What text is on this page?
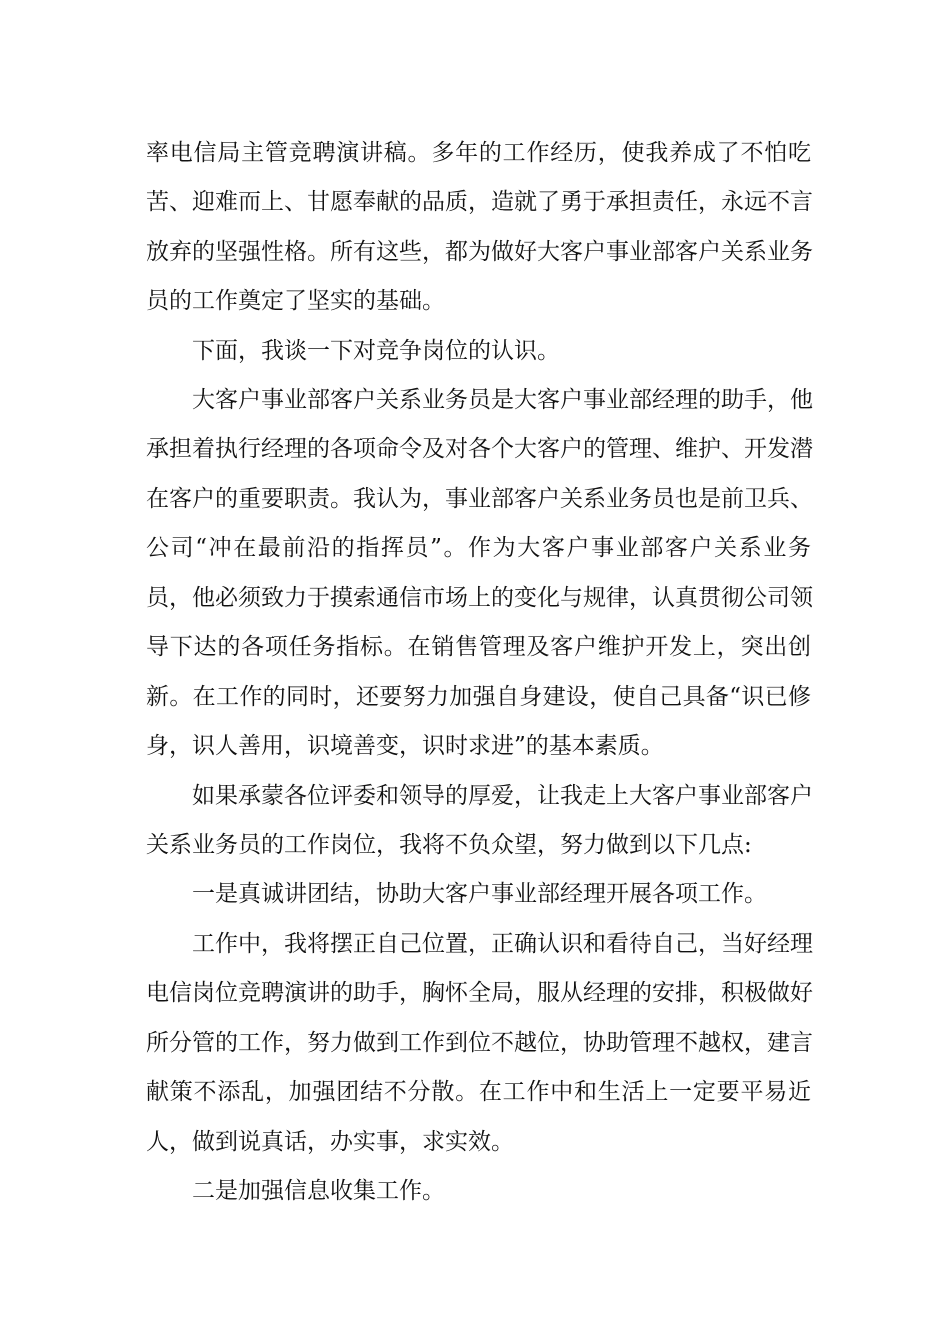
率电信局主管竞聘演讲稿。多年的工作经历，使我养成了不怕吃
苦、迎难而上、甘愿奉献的品质，造就了勇于承担责任，永远不言
放弃的坚强性格。所有这些，都为做好大客户事业部客户关系业务
员的工作奠定了坚实的基础。
下面，我谈一下对竞争岗位的认识。
大客户事业部客户关系业务员是大客户事业部经理的助手，他
承担着执行经理的各项命令及对各个大客户的管理、维护、开发潜
在客户的重要职责。我认为，事业部客户关系业务员也是前卫兵、
公司“冲在最前沿的指挥员”。作为大客户事业部客户关系业务
员，他必须致力于摸索通信市场上的变化与规律，认真贯彻公司领
导下达的各项任务指标。在销售管理及客户维护开发上，突出创
新。在工作的同时，还要努力加强自身建设，使自己具备“识已修
身，识人善用，识境善变，识时求进”的基本素质。
如果承蒙各位评委和领导的厚爱，让我走上大客户事业部客户
关系业务员的工作岗位，我将不负众望，努力做到以下几点:
一是真诚讲团结，协助大客户事业部经理开展各项工作。
工作中，我将摆正自己位置，正确认识和看待自己，当好经理
电信岗位竞聘演讲的助手，胸怀全局，服从经理的安排，积极做好
所分管的工作，努力做到工作到位不越位，协助管理不越权，建言
献策不添乱，加强团结不分散。在工作中和生活上一定要平易近
人，做到说真话，办实事，求实效。
二是加强信息收集工作。
